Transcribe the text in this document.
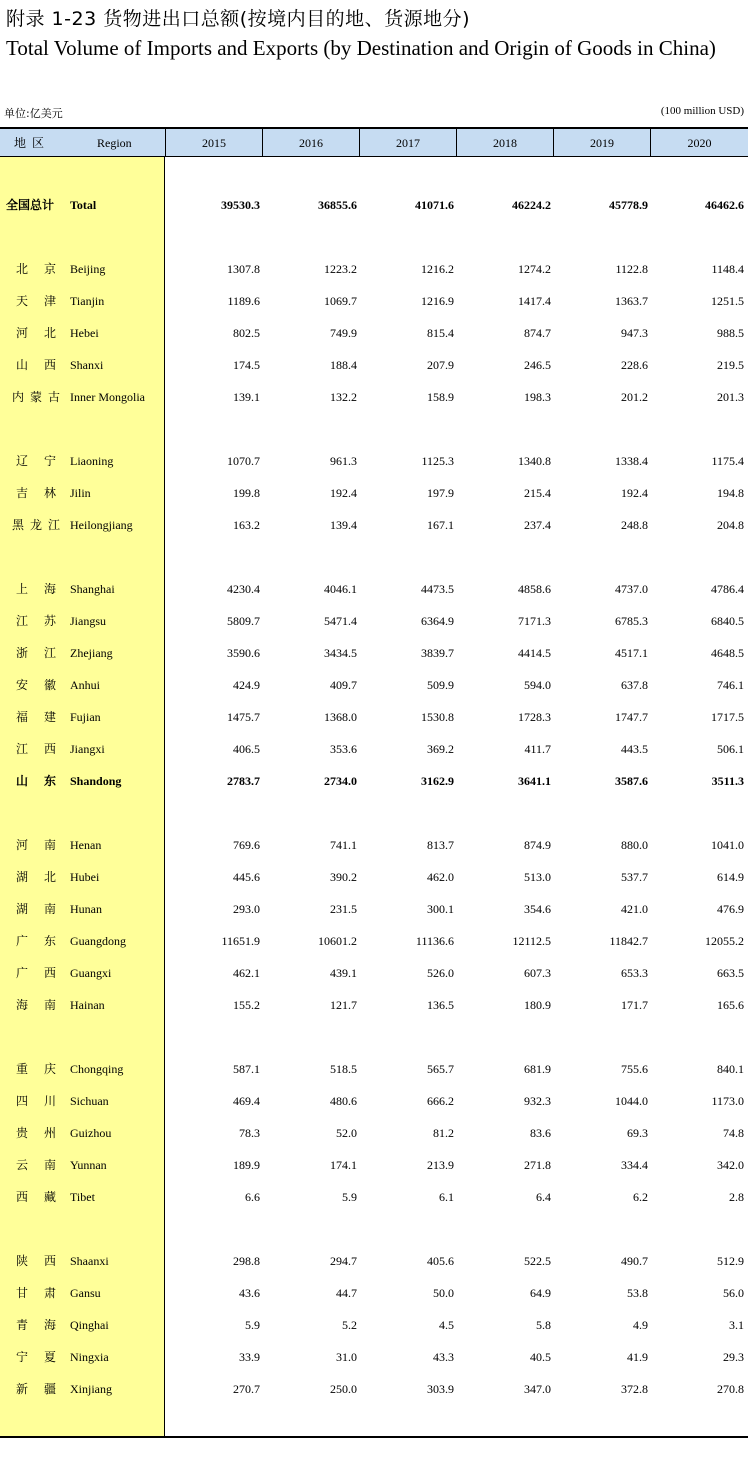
附录 1-23 货物进出口总额(按境内目的地、货源地分)
Total Volume of Imports and Exports (by Destination and Origin of Goods in China)
单位:亿美元	(100 million USD)
地区	Region	2015	2016	2017	2018	2019	2020
全国总计	Total	39530.3	36855.6	41071.6	46224.2	45778.9	46462.6
北京 Beijing	1307.8	1223.2	1216.2	1274.2	1122.8	1148.4
天津 Tianjin	1189.6	1069.7	1216.9	1417.4	1363.7	1251.5
河北 Hebei	802.5	749.9	815.4	874.7	947.3	988.5
山西 Shanxi	174.5	188.4	207.9	246.5	228.6	219.5
内蒙古 Inner Mongolia	139.1	132.2	158.9	198.3	201.2	201.3
辽宁 Liaoning	1070.7	961.3	1125.3	1340.8	1338.4	1175.4
吉林 Jilin	199.8	192.4	197.9	215.4	192.4	194.8
黑龙江 Heilongjiang	163.2	139.4	167.1	237.4	248.8	204.8
上海 Shanghai	4230.4	4046.1	4473.5	4858.6	4737.0	4786.4
江苏 Jiangsu	5809.7	5471.4	6364.9	7171.3	6785.3	6840.5
浙江 Zhejiang	3590.6	3434.5	3839.7	4414.5	4517.1	4648.5
安徽 Anhui	424.9	409.7	509.9	594.0	637.8	746.1
福建 Fujian	1475.7	1368.0	1530.8	1728.3	1747.7	1717.5
江西 Jiangxi	406.5	353.6	369.2	411.7	443.5	506.1
山东 Shandong	2783.7	2734.0	3162.9	3641.1	3587.6	3511.3
河南 Henan	769.6	741.1	813.7	874.9	880.0	1041.0
湖北 Hubei	445.6	390.2	462.0	513.0	537.7	614.9
湖南 Hunan	293.0	231.5	300.1	354.6	421.0	476.9
广东 Guangdong	11651.9	10601.2	11136.6	12112.5	11842.7	12055.2
广西 Guangxi	462.1	439.1	526.0	607.3	653.3	663.5
海南 Hainan	155.2	121.7	136.5	180.9	171.7	165.6
重庆 Chongqing	587.1	518.5	565.7	681.9	755.6	840.1
四川 Sichuan	469.4	480.6	666.2	932.3	1044.0	1173.0
贵州 Guizhou	78.3	52.0	81.2	83.6	69.3	74.8
云南 Yunnan	189.9	174.1	213.9	271.8	334.4	342.0
西藏 Tibet	6.6	5.9	6.1	6.4	6.2	2.8
陕西 Shaanxi	298.8	294.7	405.6	522.5	490.7	512.9
甘肃 Gansu	43.6	44.7	50.0	64.9	53.8	56.0
青海 Qinghai	5.9	5.2	4.5	5.8	4.9	3.1
宁夏 Ningxia	33.9	31.0	43.3	40.5	41.9	29.3
新疆 Xinjiang	270.7	250.0	303.9	347.0	372.8	270.8
